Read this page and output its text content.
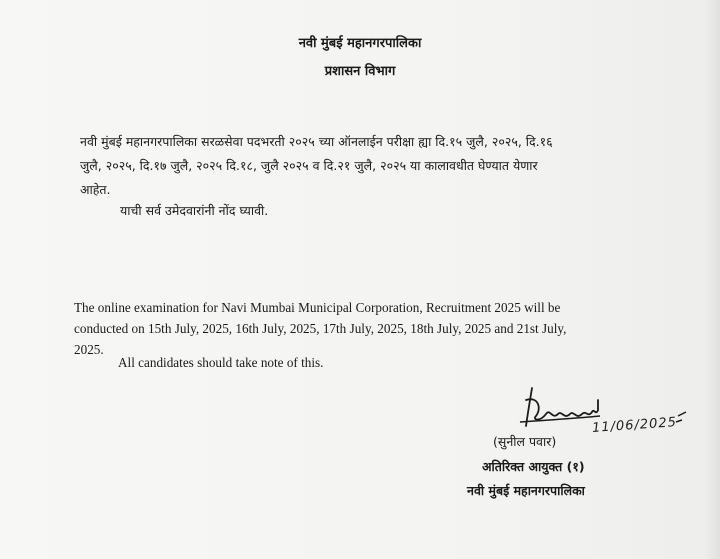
नवी मुंबई महानगरपालिका
प्रशासन विभाग
नवी मुंबई महानगरपालिका सरळसेवा पदभरती २०२५ च्या ऑनलाईन परीक्षा ह्या दि.१५ जुलै, २०२५, दि.१६
जुलै, २०२५, दि.१७ जुलै, २०२५ दि.१८, जुलै २०२५ व दि.२१ जुलै, २०२५ या कालावधीत घेण्यात येणार
आहेत.
याची सर्व उमेदवारांनी नोंद घ्यावी.
The online examination for Navi Mumbai Municipal Corporation, Recruitment 2025 will be
conducted on 15th July, 2025, 16th July, 2025, 17th July, 2025, 18th July, 2025 and 21st July,
2025.
All candidates should take note of this.
11/06/2025
(सुनील पवार)
अतिरिक्त आयुक्त (१)
नवी मुंबई महानगरपालिका
